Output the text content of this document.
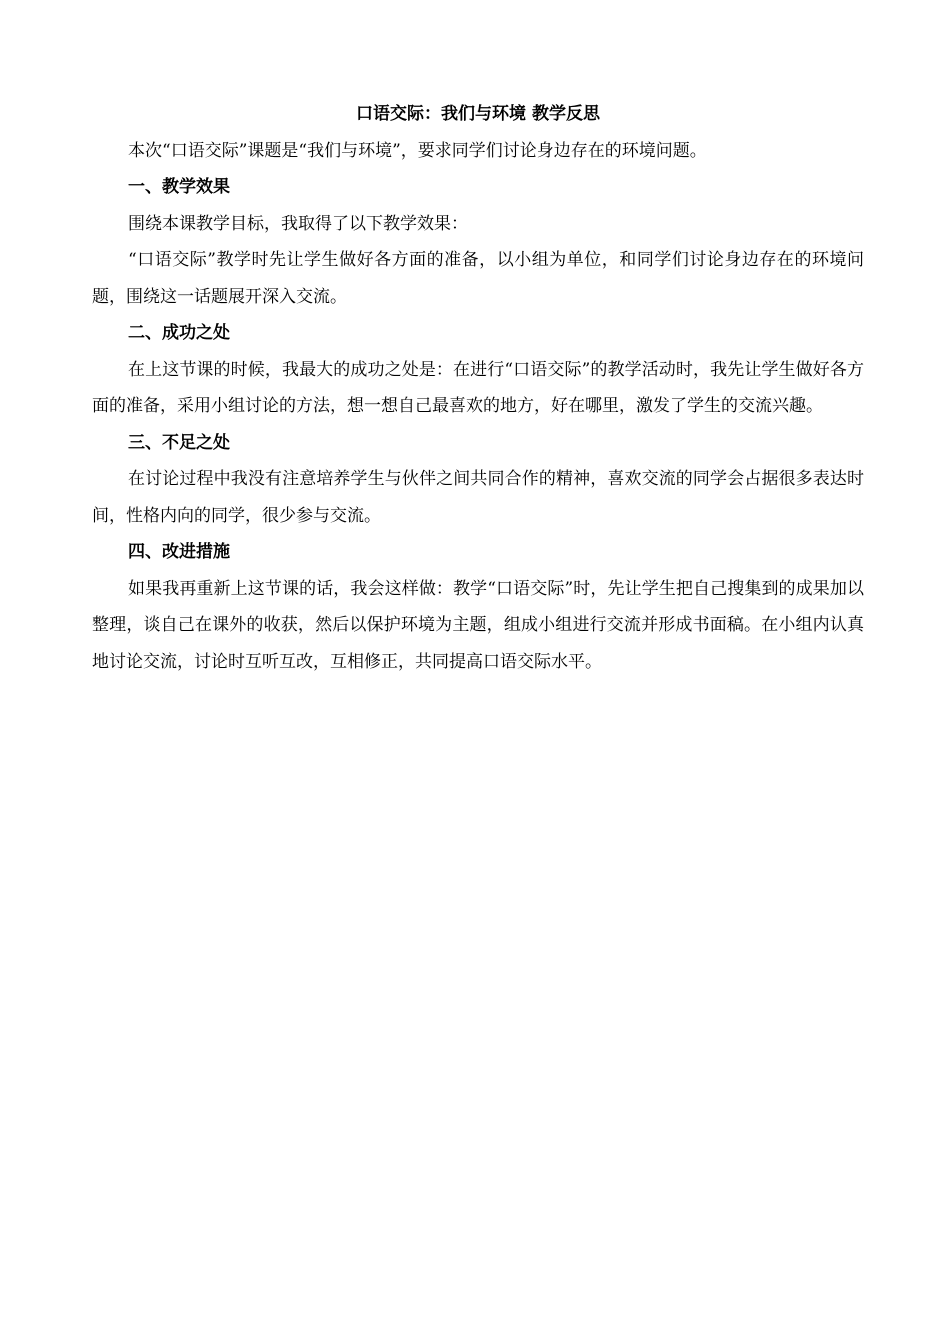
口语交际：我们与环境 教学反思

本次“口语交际”课题是“我们与环境”，要求同学们讨论身边存在的环境问题。

一、教学效果

围绕本课教学目标，我取得了以下教学效果：

“口语交际”教学时先让学生做好各方面的准备，以小组为单位，和同学们讨论身边存在的环境问题，围绕这一话题展开深入交流。

二、成功之处

在上这节课的时候，我最大的成功之处是：在进行“口语交际”的教学活动时，我先让学生做好各方面的准备，采用小组讨论的方法，想一想自己最喜欢的地方，好在哪里，激发了学生的交流兴趣。

三、不足之处

在讨论过程中我没有注意培养学生与伙伴之间共同合作的精神，喜欢交流的同学会占据很多表达时间，性格内向的同学，很少参与交流。

四、改进措施

如果我再重新上这节课的话，我会这样做：教学“口语交际”时，先让学生把自己搜集到的成果加以整理，谈自己在课外的收获，然后以保护环境为主题，组成小组进行交流并形成书面稿。在小组内认真地讨论交流，讨论时互听互改，互相修正，共同提高口语交际水平。
